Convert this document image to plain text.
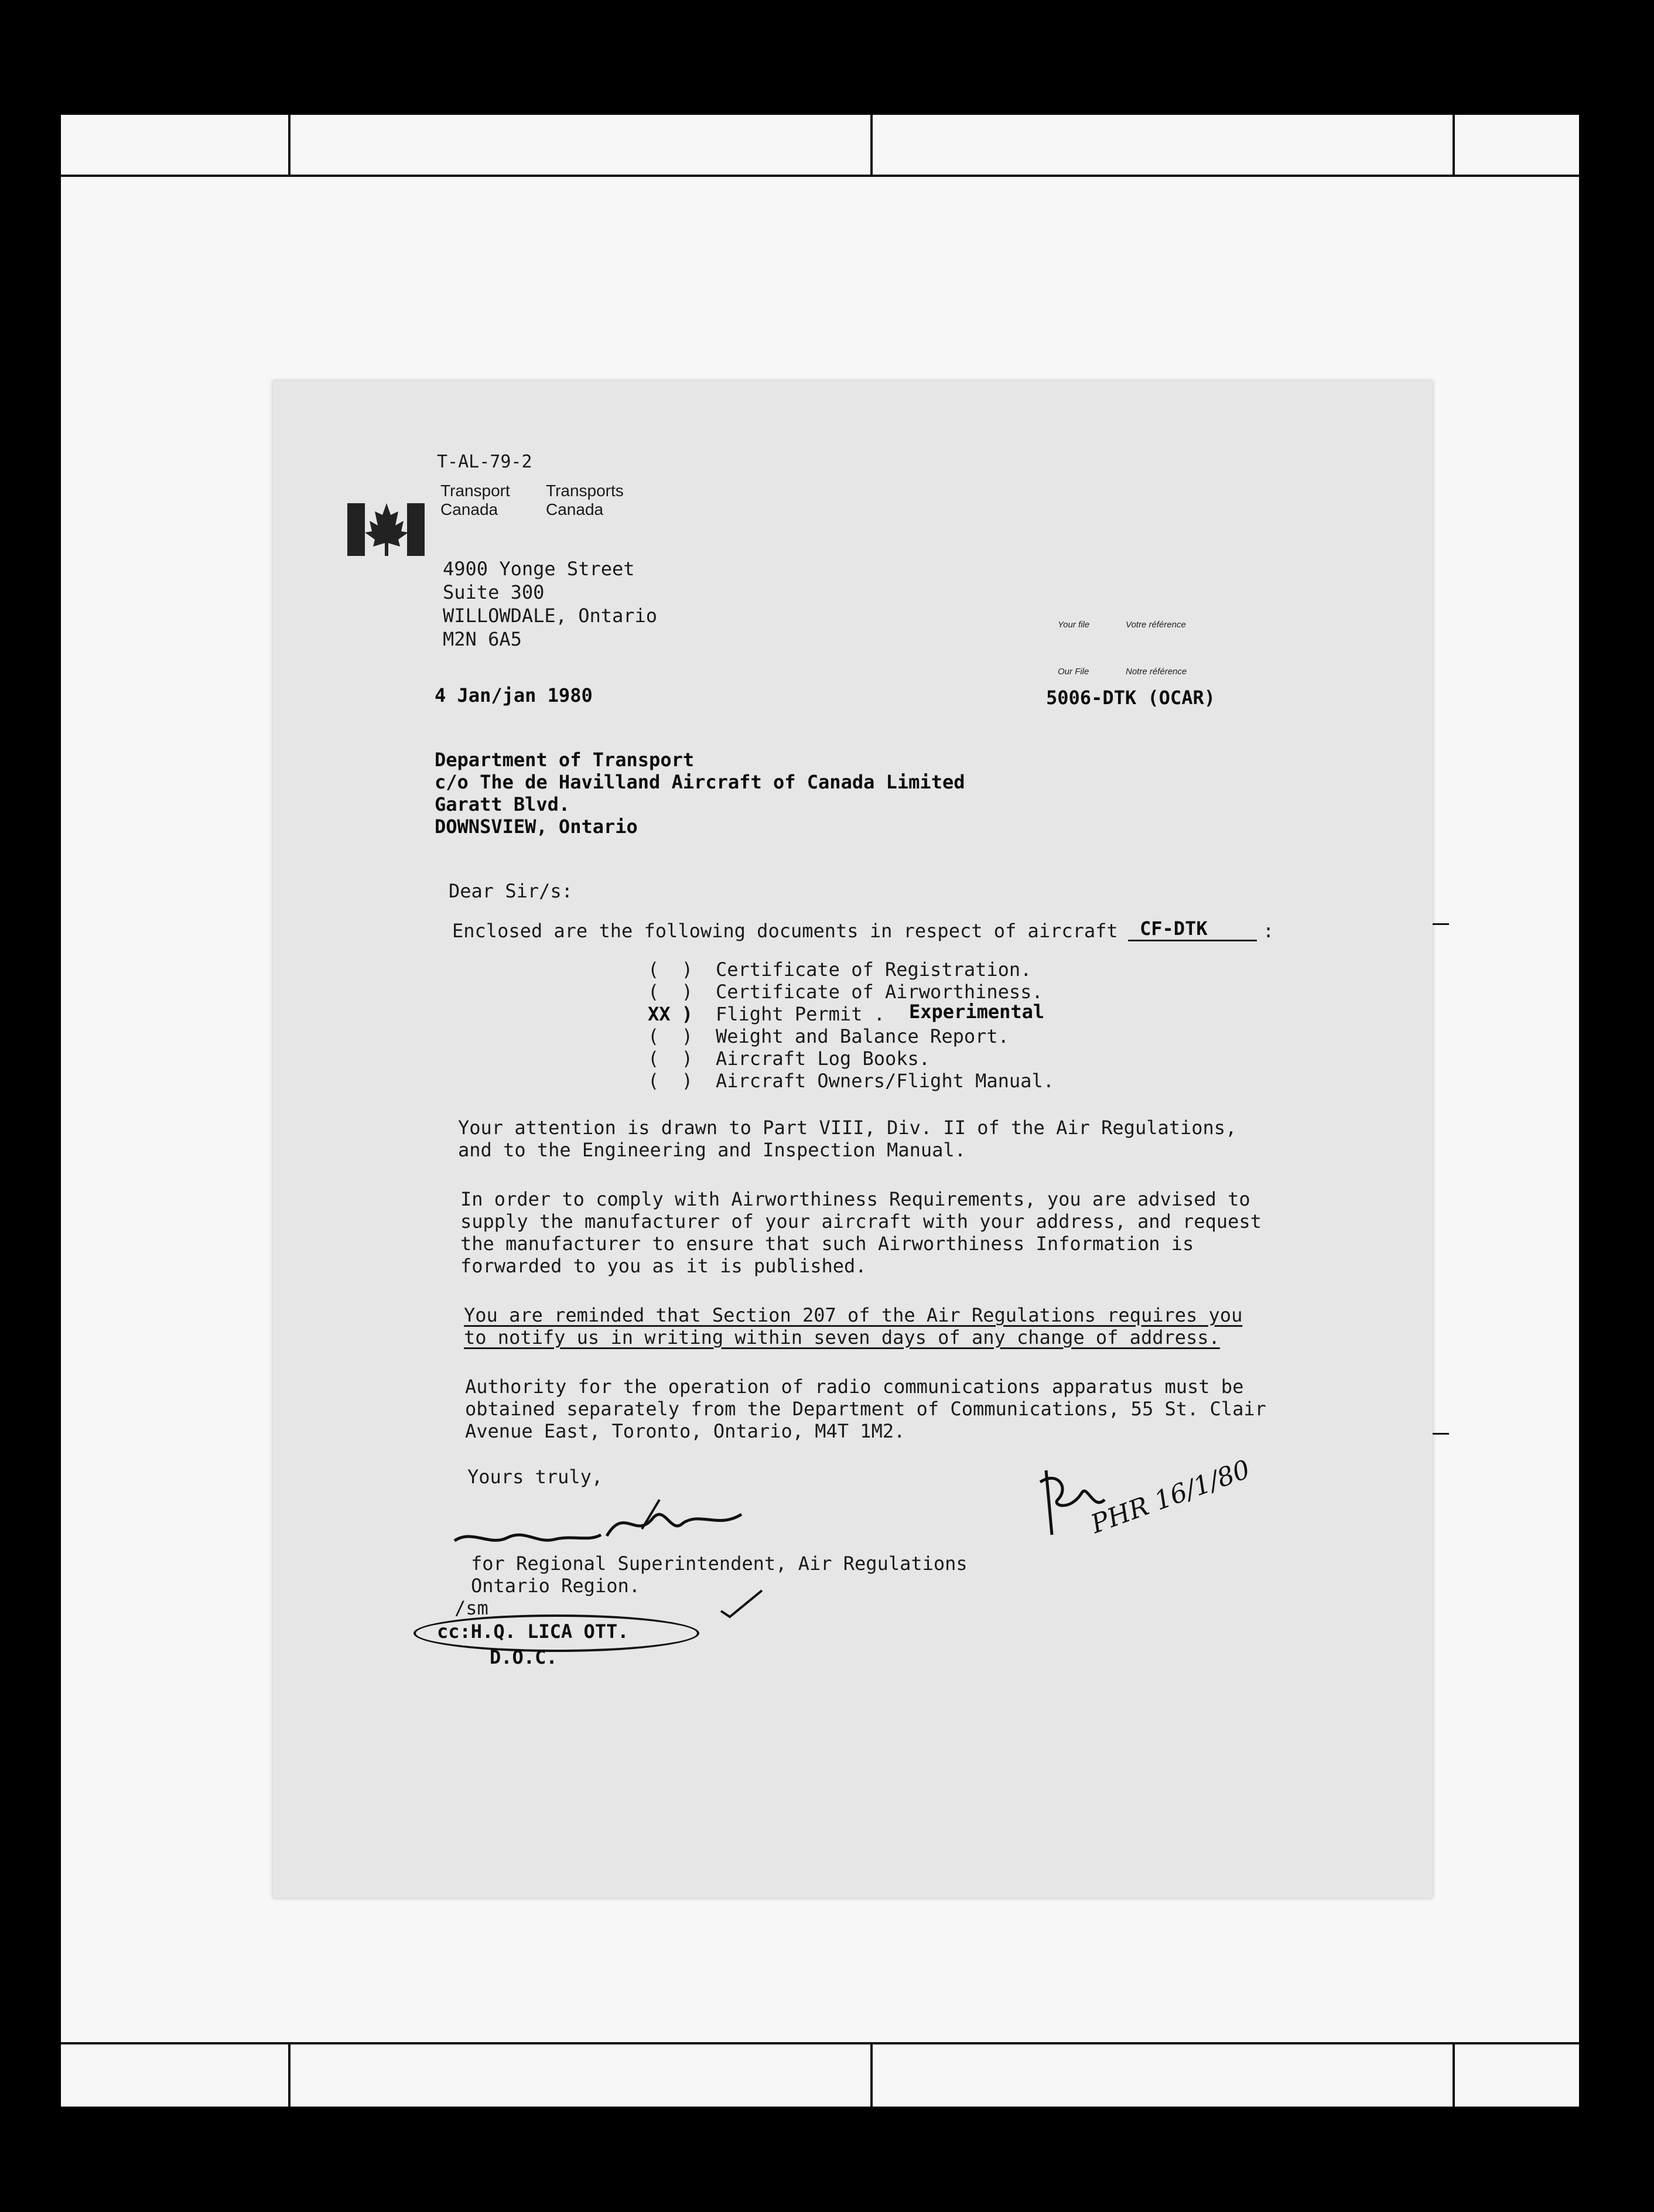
T-AL-79-2
Transport
Canada
Transports
Canada
4900 Yonge Street
Suite 300
WILLOWDALE, Ontario
M2N 6A5
Your file	Votre référence
Our File	Notre référence
5006-DTK (OCAR)
4 Jan/jan 1980
Department of Transport
c/o The de Havilland Aircraft of Canada Limited
Garatt Blvd.
DOWNSVIEW, Ontario
Dear Sir/s:
Enclosed are the following documents in respect of aircraft	CF-DTK	:
(  ) Certificate of Registration.
(  ) Certificate of Airworthiness.
XX ) Flight Permit . Experimental
(  ) Weight and Balance Report.
(  ) Aircraft Log Books.
(  ) Aircraft Owners/Flight Manual.
Your attention is drawn to Part VIII, Div. II of the Air Regulations,
and to the Engineering and Inspection Manual.
In order to comply with Airworthiness Requirements, you are advised to
supply the manufacturer of your aircraft with your address, and request
the manufacturer to ensure that such Airworthiness Information is
forwarded to you as it is published.
You are reminded that Section 207 of the Air Regulations requires you
to notify us in writing within seven days of any change of address.
Authority for the operation of radio communications apparatus must be
obtained separately from the Department of Communications, 55 St. Clair
Avenue East, Toronto, Ontario, M4T 1M2.
Yours truly,	PHR 16/1/80
for Regional Superintendent, Air Regulations
Ontario Region.
/sm
cc:H.Q. LICA OTT.
D.O.C.
